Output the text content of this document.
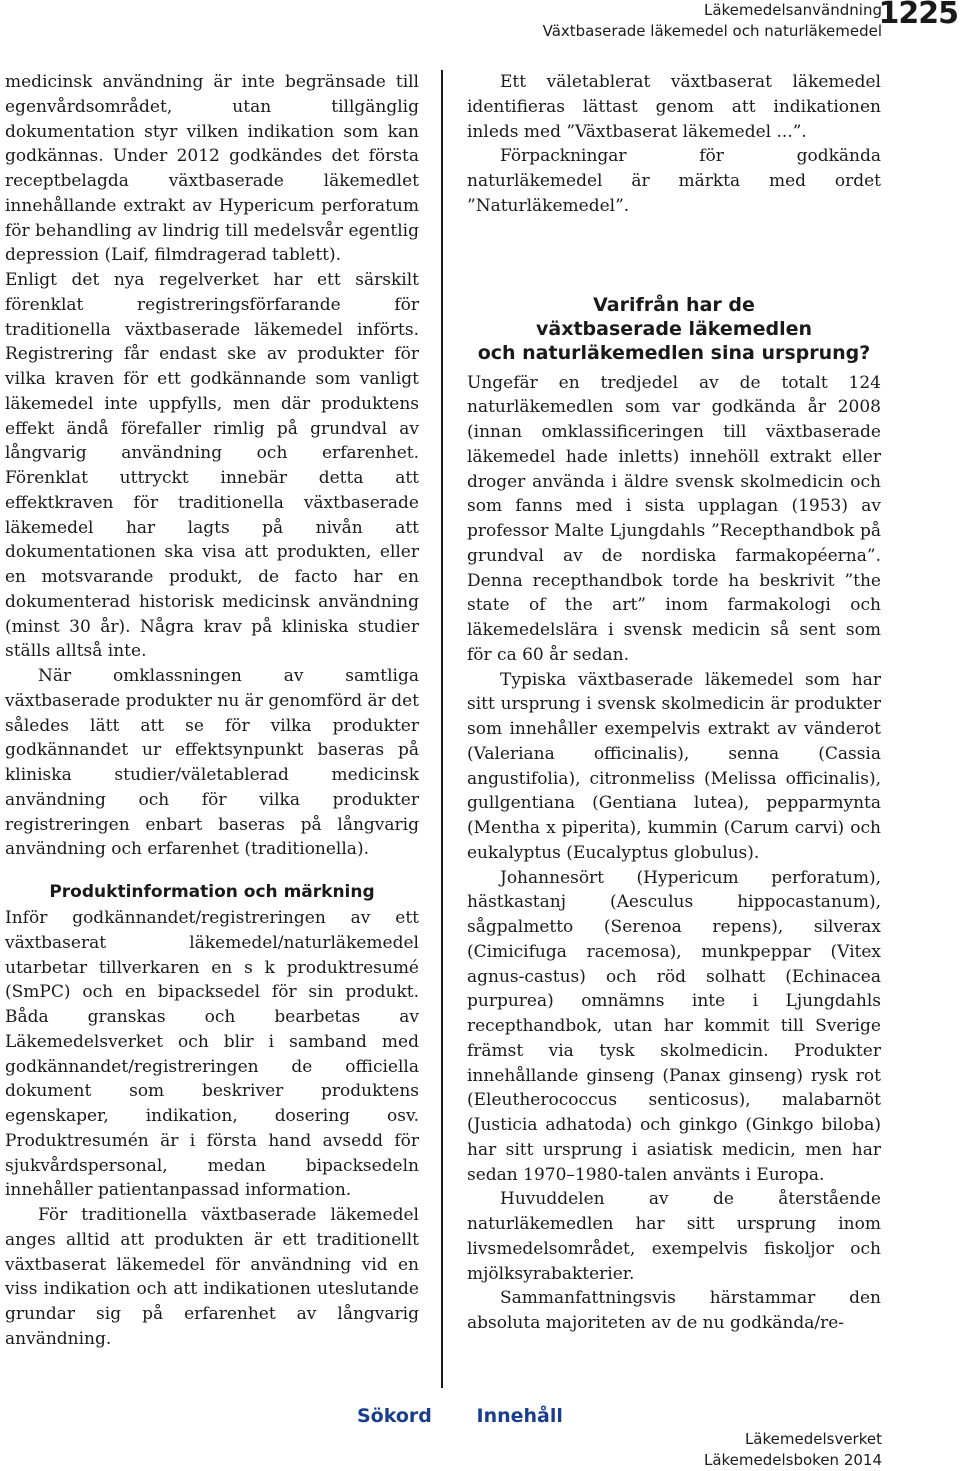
Läkemedelsanvändning
Växtbaserade läkemedel och naturläkemedel
1225

medicinsk användning är inte begränsade till egenvårdsområdet, utan tillgänglig dokumentation styr vilken indikation som kan godkännas. Under 2012 godkändes det första receptbelagda växtbaserade läkemedlet innehållande extrakt av Hypericum perforatum för behandling av lindrig till medelsvår egentlig depression (Laif, filmdragerad tablett).

Enligt det nya regelverket har ett särskilt förenklat registreringsförfarande för traditionella växtbaserade läkemedel införts. Registrering får endast ske av produkter för vilka kraven för ett godkännande som vanligt läkemedel inte uppfylls, men där produktens effekt ändå förefaller rimlig på grundval av långvarig användning och erfarenhet. Förenklat uttryckt innebär detta att effektkraven för traditionella växtbaserade läkemedel har lagts på nivån att dokumentationen ska visa att produkten, eller en motsvarande produkt, de facto har en dokumenterad historisk medicinsk användning (minst 30 år). Några krav på kliniska studier ställs alltså inte.

När omklassningen av samtliga växtbaserade produkter nu är genomförd är det således lätt att se för vilka produkter godkännandet ur effektsynpunkt baseras på kliniska studier/väletablerad medicinsk användning och för vilka produkter registreringen enbart baseras på långvarig användning och erfarenhet (traditionella).

Produktinformation och märkning

Inför godkännandet/registreringen av ett växtbaserat läkemedel/naturläkemedel utarbetar tillverkaren en s k produktresumé (SmPC) och en bipacksedel för sin produkt. Båda granskas och bearbetas av Läkemedelsverket och blir i samband med godkännandet/registreringen de officiella dokument som beskriver produktens egenskaper, indikation, dosering osv. Produktresumén är i första hand avsedd för sjukvårdspersonal, medan bipacksedeln innehåller patientanpassad information.

För traditionella växtbaserade läkemedel anges alltid att produkten är ett traditionellt växtbaserat läkemedel för användning vid en viss indikation och att indikationen uteslutande grundar sig på erfarenhet av långvarig användning.

Ett väletablerat växtbaserat läkemedel identifieras lättast genom att indikationen inleds med ”Växtbaserat läkemedel ...”.

Förpackningar för godkända naturläkemedel är märkta med ordet ”Naturläkemedel”.

Varifrån har de
växtbaserade läkemedlen
och naturläkemedlen sina ursprung?

Ungefär en tredjedel av de totalt 124 naturläkemedlen som var godkända år 2008 (innan omklassificeringen till växtbaserade läkemedel hade inletts) innehöll extrakt eller droger använda i äldre svensk skolmedicin och som fanns med i sista upplagan (1953) av professor Malte Ljungdahls ”Recepthandbok på grundval av de nordiska farmakopéerna”. Denna recepthandbok torde ha beskrivit ”the state of the art” inom farmakologi och läkemedelslära i svensk medicin så sent som för ca 60 år sedan.

Typiska växtbaserade läkemedel som har sitt ursprung i svensk skolmedicin är produkter som innehåller exempelvis extrakt av vänderot (Valeriana officinalis), senna (Cassia angustifolia), citronmeliss (Melissa officinalis), gullgentiana (Gentiana lutea), pepparmynta (Mentha x piperita), kummin (Carum carvi) och eukalyptus (Eucalyptus globulus).

Johannesört (Hypericum perforatum), hästkastanj (Aesculus hippocastanum), sågpalmetto (Serenoa repens), silverax (Cimicifuga racemosa), munkpeppar (Vitex agnus-castus) och röd solhatt (Echinacea purpurea) omnämns inte i Ljungdahls recepthandbok, utan har kommit till Sverige främst via tysk skolmedicin. Produkter innehållande ginseng (Panax ginseng) rysk rot (Eleutherococcus senticosus), malabarnöt (Justicia adhatoda) och ginkgo (Ginkgo biloba) har sitt ursprung i asiatisk medicin, men har sedan 1970–1980-talen använts i Europa.

Huvuddelen av de återstående naturläkemedlen har sitt ursprung inom livsmedelsområdet, exempelvis fiskoljor och mjölksyrabakterier.

Sammanfattningsvis härstammar den absoluta majoriteten av de nu godkända/re-

Sökord Innehåll
Läkemedelsverket
Läkemedelsboken 2014
